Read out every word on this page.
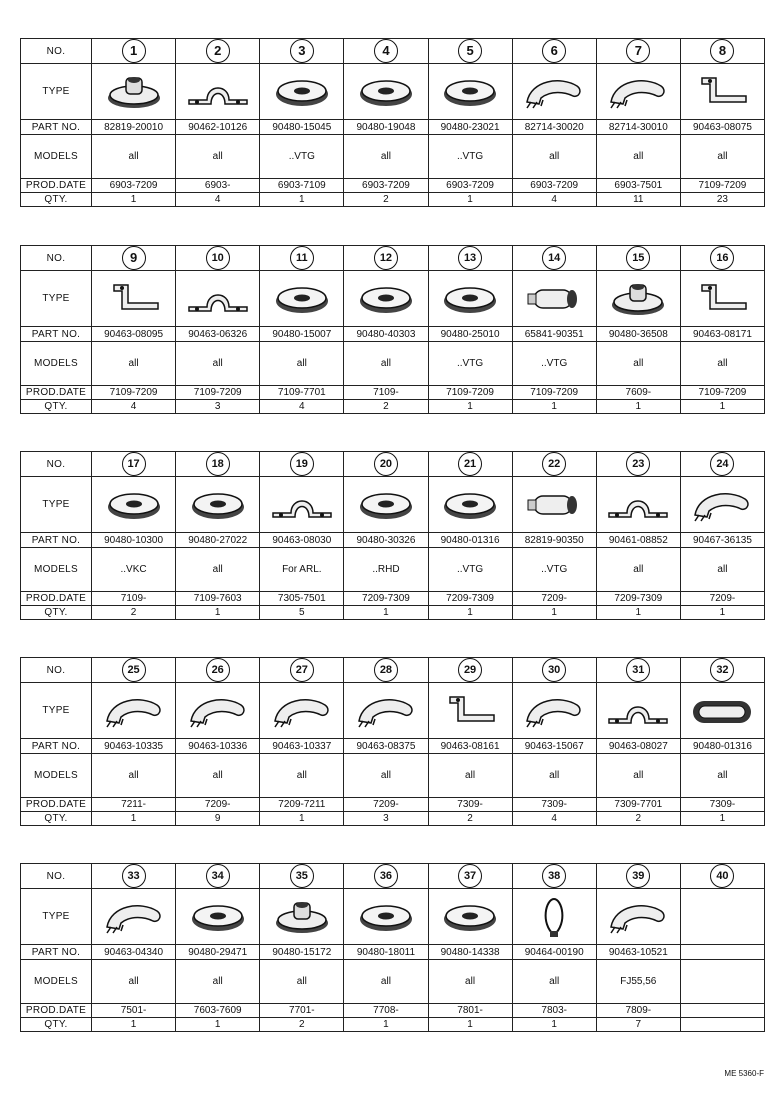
NO.	1	2	3	4	5	6	7	8
TYPE	

PART NO.	82819-20010	90462-10126	90480-15045	90480-19048	90480-23021	82714-30020	82714-30010	90463-08075
MODELS	all	all	..VTG	all	..VTG	all	all	all
PROD.DATE	6903-7209	6903-	6903-7109	6903-7209	6903-7209	6903-7209	6903-7501	7109-7209
QTY.	1	4	1	2	1	4	11	23
NO.	9	10	11	12	13	14	15	16
TYPE	

PART NO.	90463-08095	90463-06326	90480-15007	90480-40303	90480-25010	65841-90351	90480-36508	90463-08171
MODELS	all	all	all	all	..VTG	..VTG	all	all
PROD.DATE	7109-7209	7109-7209	7109-7701	7109-	7109-7209	7109-7209	7609-	7109-7209
QTY.	4	3	4	2	1	1	1	1
NO.	17	18	19	20	21	22	23	24
TYPE	

PART NO.	90480-10300	90480-27022	90463-08030	90480-30326	90480-01316	82819-90350	90461-08852	90467-36135
MODELS	..VKC	all	For ARL.	..RHD	..VTG	..VTG	all	all
PROD.DATE	7109-	7109-7603	7305-7501	7209-7309	7209-7309	7209-	7209-7309	7209-
QTY.	2	1	5	1	1	1	1	1
NO.	25	26	27	28	29	30	31	32
TYPE	

PART NO.	90463-10335	90463-10336	90463-10337	90463-08375	90463-08161	90463-15067	90463-08027	90480-01316
MODELS	all	all	all	all	all	all	all	all
PROD.DATE	7211-	7209-	7209-7211	7209-	7309-	7309-	7309-7701	7309-
QTY.	1	9	1	3	2	4	2	1
NO.	33	34	35	36	37	38	39	40
TYPE	

PART NO.	90463-04340	90480-29471	90480-15172	90480-18011	90480-14338	90464-00190	90463-10521	
MODELS	all	all	all	all	all	all	FJ55,56	
PROD.DATE	7501-	7603-7609	7701-	7708-	7801-	7803-	7809-	
QTY.	1	1	2	1	1	1	7	
ME 5360-F
